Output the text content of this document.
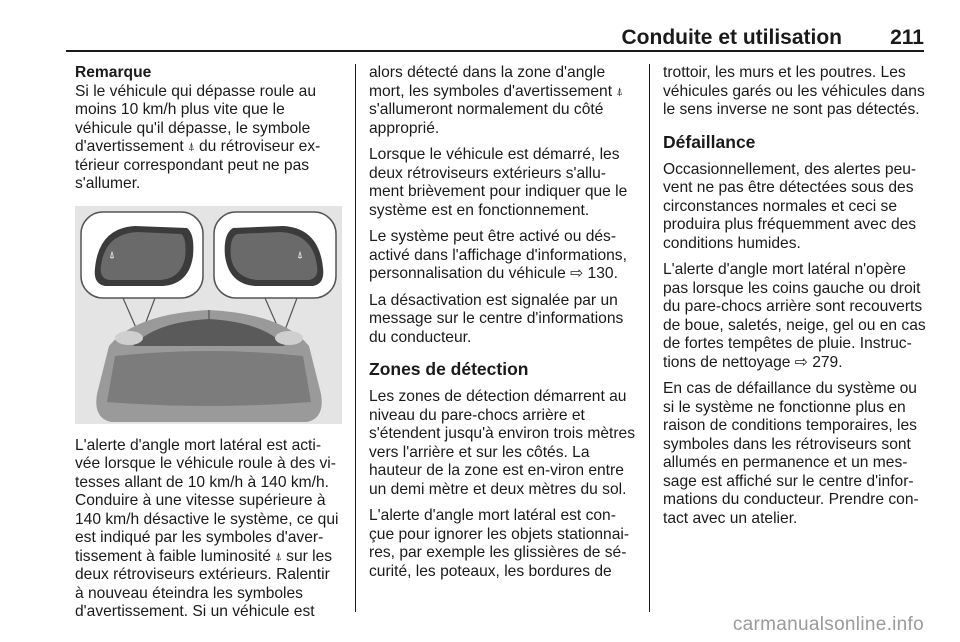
Conduite et utilisation 211

Remarque

Si le véhicule qui dépasse roule au moins 10 km/h plus vite que le véhicule qu'il dépasse, le symbole d'avertissement ⍋ du rétroviseur ex-térieur correspondant peut ne pas s'allumer.

⍋	⍋

L'alerte d'angle mort latéral est acti-vée lorsque le véhicule roule à des vi-tesses allant de 10 km/h à 140 km/h. Conduire à une vitesse supérieure à 140 km/h désactive le système, ce qui est indiqué par les symboles d'aver-tissement à faible luminosité ⍋ sur les deux rétroviseurs extérieurs. Ralentir à nouveau éteindra les symboles d'avertissement. Si un véhicule est

alors détecté dans la zone d'angle mort, les symboles d'avertissement ⍋ s'allumeront normalement du côté approprié.

Lorsque le véhicule est démarré, les deux rétroviseurs extérieurs s'allu-ment brièvement pour indiquer que le système est en fonctionnement.

Le système peut être activé ou dés-activé dans l'affichage d'informations, personnalisation du véhicule ⇨ 130.

La désactivation est signalée par un message sur le centre d'informations du conducteur.

Zones de détection

Les zones de détection démarrent au niveau du pare-chocs arrière et s'étendent jusqu'à environ trois mètres vers l'arrière et sur les côtés. La hauteur de la zone est en-viron entre un demi mètre et deux mètres du sol.

L'alerte d'angle mort latéral est con-çue pour ignorer les objets stationnai-res, par exemple les glissières de sé-curité, les poteaux, les bordures de

trottoir, les murs et les poutres. Les véhicules garés ou les véhicules dans le sens inverse ne sont pas détectés.

Défaillance

Occasionnellement, des alertes peu-vent ne pas être détectées sous des circonstances normales et ceci se produira plus fréquemment avec des conditions humides.

L'alerte d'angle mort latéral n'opère pas lorsque les coins gauche ou droit du pare-chocs arrière sont recouverts de boue, saletés, neige, gel ou en cas de fortes tempêtes de pluie. Instruc-tions de nettoyage ⇨ 279.

En cas de défaillance du système ou si le système ne fonctionne plus en raison de conditions temporaires, les symboles dans les rétroviseurs sont allumés en permanence et un mes-sage est affiché sur le centre d'infor-mations du conducteur. Prendre con-tact avec un atelier.

carmanualsonline.info
